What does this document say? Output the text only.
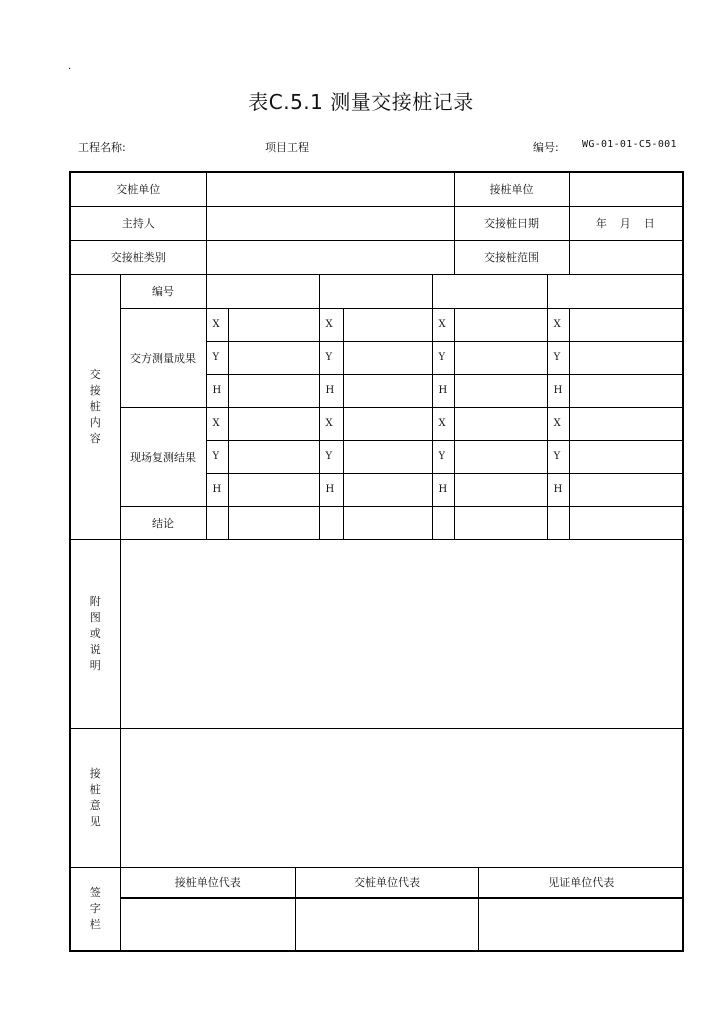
.
表C.5.1 测量交接桩记录
工程名称:	项目工程	编号: WG-01-01-C5-001
交桩单位		接桩单位	
主持人		交接桩日期	年　月　日
交接桩类别		交接桩范围	
交
接
桩
内
容	编号				
交方测量成果	X		X		X		X	
Y		Y		Y		Y	
H		H		H		H	
现场复测结果	X		X		X		X	
Y		Y		Y		Y	
H		H		H		H	
结论								
附
图
或
说
明	
接
桩
意
见	
签
字
栏	
接桩单位代表	交桩单位代表	见证单位代表
